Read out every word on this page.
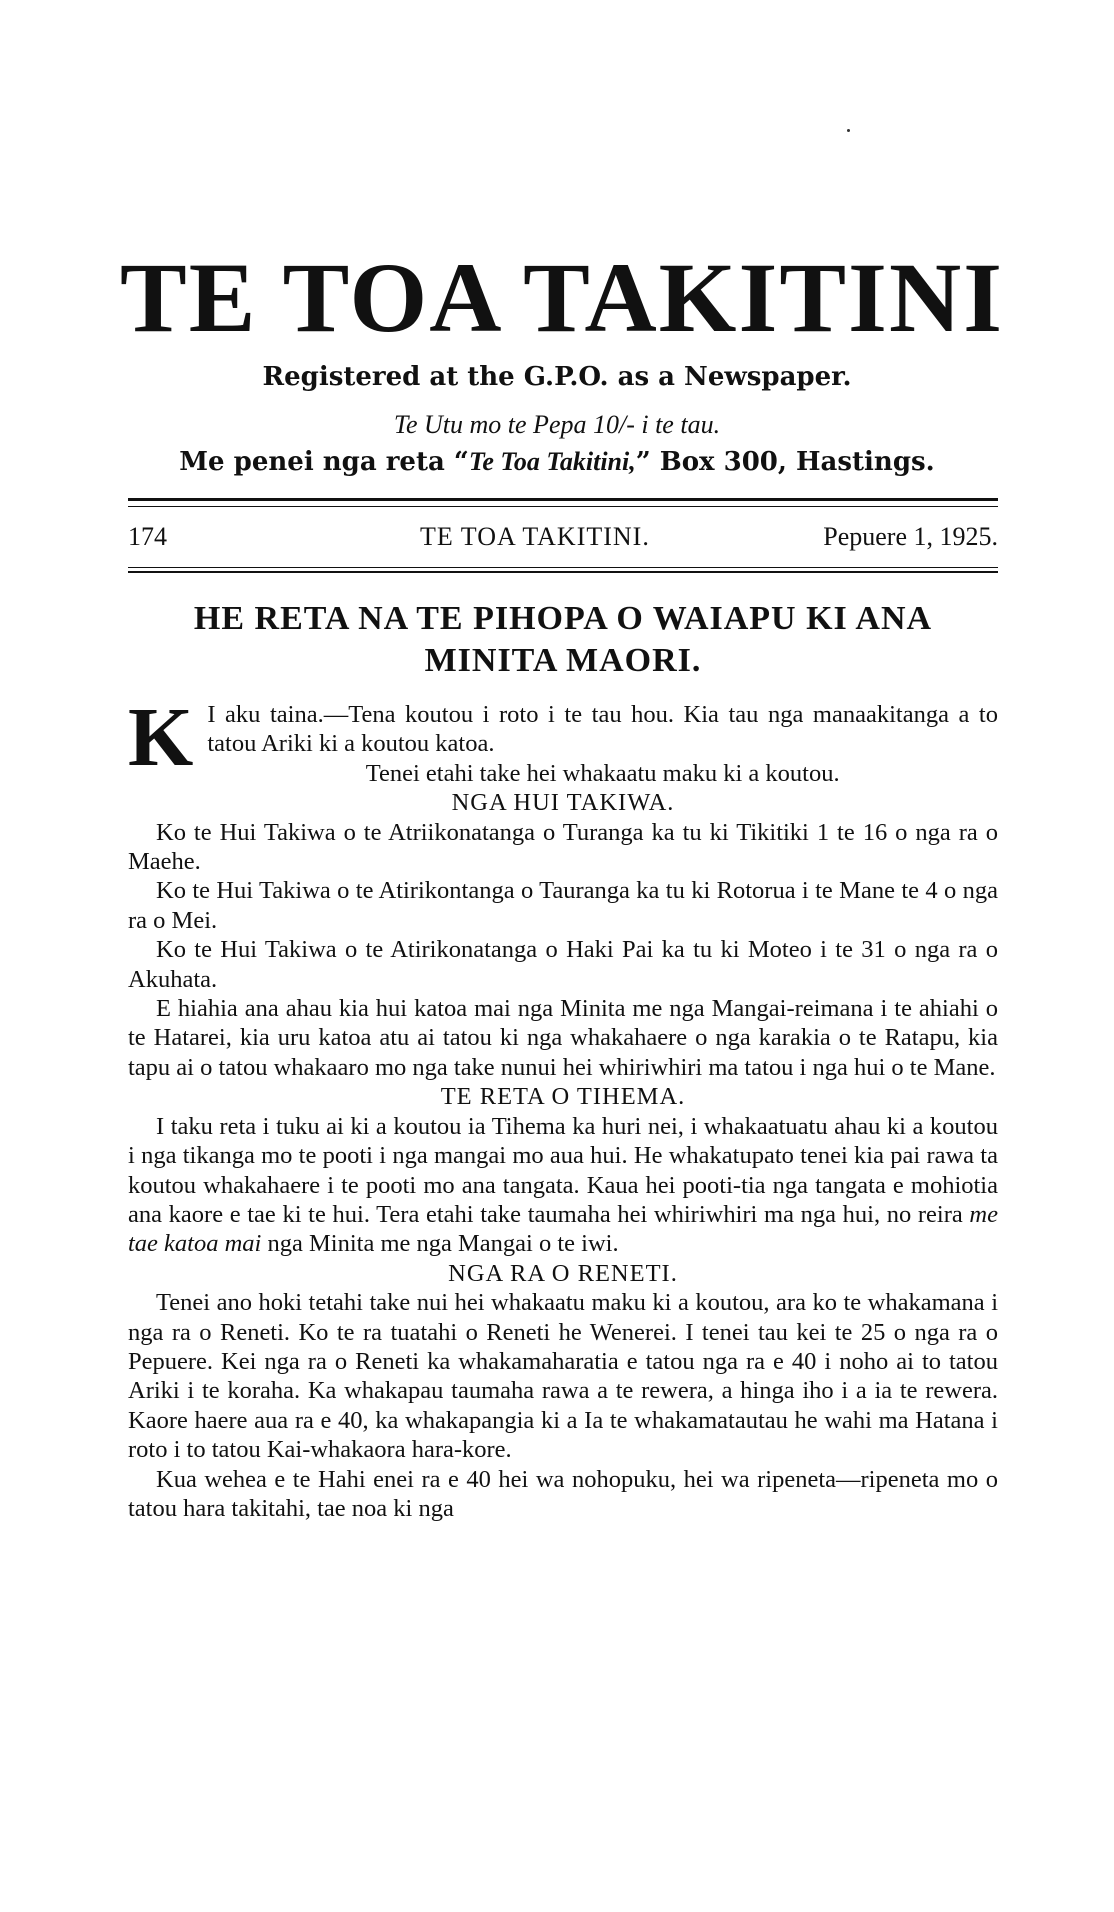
TE TOA TAKITINI
Registered at the G.P.O. as a Newspaper.
Te Utu mo te Pepa 10/- i te tau.
Me penei nga reta “Te Toa Takitini,” Box 300, Hastings.
174	TE TOA TAKITINI.	Pepuere 1, 1925.
HE RETA NA TE PIHOPA O WAIAPU KI ANA MINITA MAORI.
K I aku taina.—Tena koutou i roto i te tau hou. Kia tau nga manaakitanga a to tatou Ariki ki a koutou katoa.

Tenei etahi take hei whakaatu maku ki a koutou.

NGA HUI TAKIWA.

Ko te Hui Takiwa o te Atriikonatanga o Turanga ka tu ki Tikitiki 1 te 16 o nga ra o Maehe.

Ko te Hui Takiwa o te Atirikontanga o Tauranga ka tu ki Rotorua i te Mane te 4 o nga ra o Mei.

Ko te Hui Takiwa o te Atirikonatanga o Haki Pai ka tu ki Moteo i te 31 o nga ra o Akuhata.

E hiahia ana ahau kia hui katoa mai nga Minita me nga Mangai-reimana i te ahiahi o te Hatarei, kia uru katoa atu ai tatou ki nga whakahaere o nga karakia o te Ratapu, kia tapu ai o tatou whakaaro mo nga take nunui hei whiriwhiri ma tatou i nga hui o te Mane.

TE RETA O TIHEMA.

I taku reta i tuku ai ki a koutou ia Tihema ka huri nei, i whakaatuatu ahau ki a koutou i nga tikanga mo te pooti i nga mangai mo aua hui. He whakatupato tenei kia pai rawa ta koutou whakahaere i te pooti mo ana tangata. Kaua hei pooti-tia nga tangata e mohiotia ana kaore e tae ki te hui. Tera etahi take taumaha hei whiriwhiri ma nga hui, no reira me tae katoa mai nga Minita me nga Mangai o te iwi.

NGA RA O RENETI.

Tenei ano hoki tetahi take nui hei whakaatu maku ki a koutou, ara ko te whakamana i nga ra o Reneti. Ko te ra tuatahi o Reneti he Wenerei. I tenei tau kei te 25 o nga ra o Pepuere. Kei nga ra o Reneti ka whakamaharatia e tatou nga ra e 40 i noho ai to tatou Ariki i te koraha. Ka whakapau taumaha rawa a te rewera, a hinga iho i a ia te rewera. Kaore haere aua ra e 40, ka whakapangia ki a Ia te whakamatautau he wahi ma Hatana i roto i to tatou Kai-whakaora hara-kore.

Kua wehea e te Hahi enei ra e 40 hei wa nohopuku, hei wa ripeneta—ripeneta mo o tatou hara takitahi, tae noa ki nga
